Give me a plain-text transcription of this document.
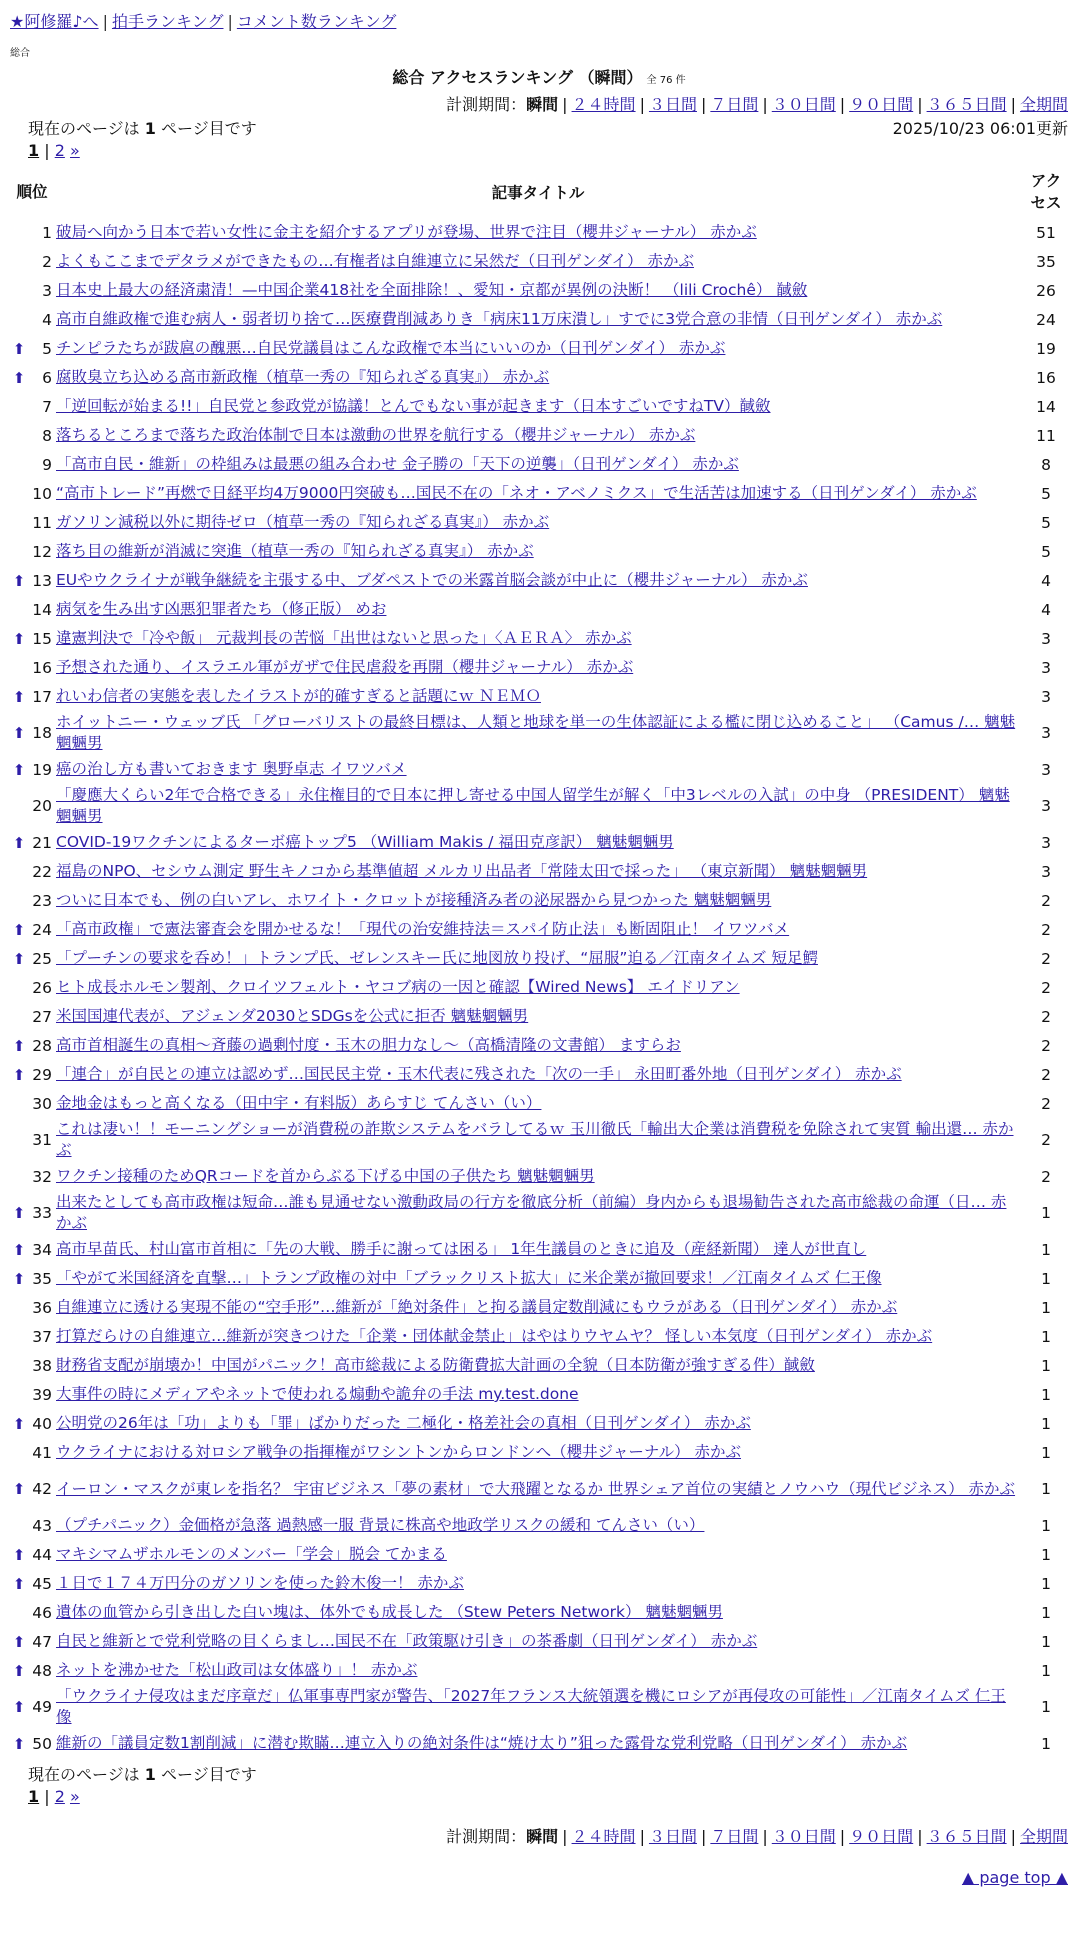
★阿修羅♪へ | 拍手ランキング | コメント数ランキング
総合
総合 アクセスランキング （瞬間） 全 76 件
計測期間：瞬間 | ２４時間 | ３日間 | ７日間 | ３０日間 | ９０日間 | ３６５日間 | 全期間
現在のページは 1 ページ目です	2025/10/23 06:01更新
1 | 2 »
順位		記事タイトル	アクセス
	1	破局へ向かう日本で若い女性に金主を紹介するアプリが登場、世界で注目（櫻井ジャーナル） 赤かぶ	51
	2	よくもここまでデタラメができたもの…有権者は自維連立に呆然だ（日刊ゲンダイ） 赤かぶ	35
	3	日本史上最大の経済粛清！—中国企業418社を全面排除！、愛知・京都が異例の決断！ （lili Crochê） 馘斂	26
	4	高市自維政権で進む病人・弱者切り捨て…医療費削減ありき「病床11万床潰し」すでに3党合意の非情（日刊ゲンダイ） 赤かぶ	24
⬆	5	チンピラたちが跋扈の醜悪…自民党議員はこんな政権で本当にいいのか（日刊ゲンダイ） 赤かぶ	19
⬆	6	腐敗臭立ち込める高市新政権（植草一秀の『知られざる真実』） 赤かぶ	16
	7	「逆回転が始まる!!」自民党と参政党が協議！とんでもない事が起きます（日本すごいですねTV）馘斂	14
	8	落ちるところまで落ちた政治体制で日本は激動の世界を航行する（櫻井ジャーナル） 赤かぶ	11
	9	「高市自民・維新」の枠組みは最悪の組み合わせ 金子勝の「天下の逆襲」（日刊ゲンダイ） 赤かぶ	8
	10	“高市トレード”再燃で日経平均4万9000円突破も…国民不在の「ネオ・アベノミクス」で生活苦は加速する（日刊ゲンダイ） 赤かぶ	5
	11	ガソリン減税以外に期待ゼロ（植草一秀の『知られざる真実』） 赤かぶ	5
	12	落ち目の維新が消滅に突進（植草一秀の『知られざる真実』） 赤かぶ	5
⬆	13	EUやウクライナが戦争継続を主張する中、ブダペストでの米露首脳会談が中止に（櫻井ジャーナル） 赤かぶ	4
	14	病気を生み出す凶悪犯罪者たち（修正版） めお	4
⬆	15	違憲判決で「冷や飯」 元裁判長の苦悩「出世はないと思った」〈ＡＥＲＡ〉 赤かぶ	3
	16	予想された通り、イスラエル軍がガザで住民虐殺を再開（櫻井ジャーナル） 赤かぶ	3
⬆	17	れいわ信者の実態を表したイラストが的確すぎると話題にｗ ＮＥＭＯ	3
⬆	18	ホイットニー・ウェッブ氏 「グローバリストの最終目標は、人類と地球を単一の生体認証による檻に閉じ込めること」 （Camus /… 魑魅魍魎男	3
⬆	19	癌の治し方も書いておきます 奥野卓志 イワツバメ	3
	20	「慶應大くらい2年で合格できる」永住権目的で日本に押し寄せる中国人留学生が解く「中3レベルの入試」の中身 （PRESIDENT） 魑魅魍魎男	3
⬆	21	COVID-19ワクチンによるターボ癌トップ5 （William Makis / 福田克彦訳） 魑魅魍魎男	3
	22	福島のNPO、セシウム測定 野生キノコから基準値超 メルカリ出品者「常陸太田で採った」 （東京新聞） 魑魅魍魎男	3
	23	ついに日本でも、例の白いアレ、ホワイト・クロットが接種済み者の泌尿器から見つかった 魑魅魍魎男	2
⬆	24	「高市政権」で憲法審査会を開かせるな！「現代の治安維持法＝スパイ防止法」も断固阻止！ イワツバメ	2
⬆	25	「プーチンの要求を呑め！」トランプ氏、ゼレンスキー氏に地図放り投げ、“屈服”迫る／江南タイムズ 短足鰐	2
	26	ヒト成長ホルモン製剤、クロイツフェルト・ヤコブ病の一因と確認【Wired News】 エイドリアン	2
	27	米国国連代表が、アジェンダ2030とSDGsを公式に拒否 魑魅魍魎男	2
⬆	28	高市首相誕生の真相〜斉藤の過剰忖度・玉木の胆力なし〜（高橋清隆の文書館） ますらお	2
⬆	29	「連合」が自民との連立は認めず…国民民主党・玉木代表に残された「次の一手」 永田町番外地（日刊ゲンダイ） 赤かぶ	2
	30	金地金はもっと高くなる（田中宇・有料版）あらすじ てんさい（い）	2
	31	これは凄い！！モーニングショーが消費税の詐欺システムをバラしてるｗ 玉川徹氏「輸出大企業は消費税を免除されて実質 輸出還… 赤かぶ	2
	32	ワクチン接種のためQRコードを首からぶる下げる中国の子供たち 魑魅魍魎男	2
⬆	33	出来たとしても高市政権は短命…誰も見通せない激動政局の行方を徹底分析（前編）身内からも退場勧告された高市総裁の命運（日… 赤かぶ	1
⬆	34	高市早苗氏、村山富市首相に「先の大戦、勝手に謝っては困る」 1年生議員のときに追及（産経新聞） 達人が世直し	1
⬆	35	「やがて米国経済を直撃…」トランプ政権の対中「ブラックリスト拡大」に米企業が撤回要求！／江南タイムズ 仁王像	1
	36	自維連立に透ける実現不能の“空手形”…維新が「絶対条件」と拘る議員定数削減にもウラがある（日刊ゲンダイ） 赤かぶ	1
	37	打算だらけの自維連立…維新が突きつけた「企業・団体献金禁止」はやはりウヤムヤ？ 怪しい本気度（日刊ゲンダイ） 赤かぶ	1
	38	財務省支配が崩壊か！中国がパニック！高市総裁による防衛費拡大計画の全貌（日本防衛が強すぎる件）馘斂	1
	39	大事件の時にメディアやネットで使われる煽動や詭弁の手法 my.test.done	1
⬆	40	公明党の26年は「功」よりも「罪」ばかりだった 二極化・格差社会の真相（日刊ゲンダイ） 赤かぶ	1
	41	ウクライナにおける対ロシア戦争の指揮権がワシントンからロンドンへ（櫻井ジャーナル） 赤かぶ	1
⬆	42	イーロン・マスクが東レを指名？ 宇宙ビジネス「夢の素材」で大飛躍となるか 世界シェア首位の実績とノウハウ（現代ビジネス） 赤かぶ	1
	43	（プチパニック）金価格が急落 過熱感一服 背景に株高や地政学リスクの緩和 てんさい（い）	1
⬆	44	マキシマムザホルモンのメンバー「学会」脱会 てかまる	1
⬆	45	１日で１７４万円分のガソリンを使った鈴木俊一！ 赤かぶ	1
	46	遺体の血管から引き出した白い塊は、体外でも成長した （Stew Peters Network） 魑魅魍魎男	1
⬆	47	自民と維新とで党利党略の目くらまし…国民不在「政策駆け引き」の茶番劇（日刊ゲンダイ） 赤かぶ	1
⬆	48	ネットを沸かせた「松山政司は女体盛り」！ 赤かぶ	1
⬆	49	「ウクライナ侵攻はまだ序章だ」仏軍事専門家が警告、「2027年フランス大統領選を機にロシアが再侵攻の可能性」／江南タイムズ 仁王像	1
⬆	50	維新の「議員定数1割削減」に潜む欺瞞…連立入りの絶対条件は“焼け太り”狙った露骨な党利党略（日刊ゲンダイ） 赤かぶ	1
現在のページは 1 ページ目です
1 | 2 »
計測期間：瞬間 | ２４時間 | ３日間 | ７日間 | ３０日間 | ９０日間 | ３６５日間 | 全期間
▲ page top ▲
